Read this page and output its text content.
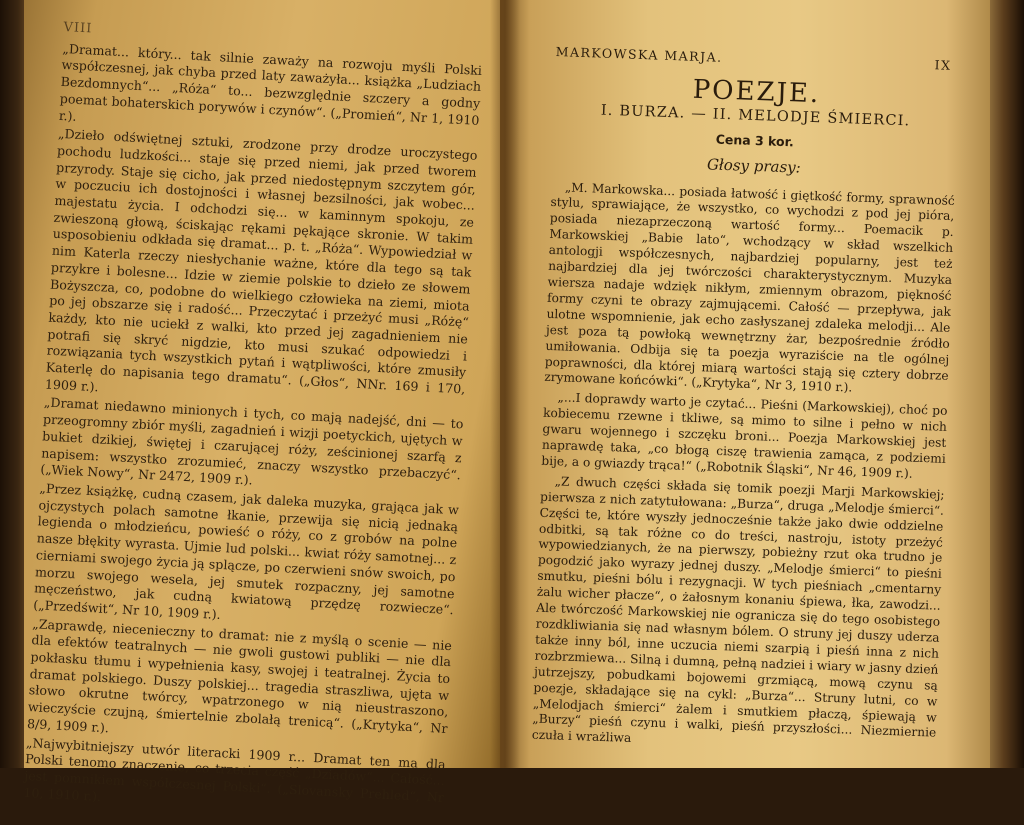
VIII

„Dramat... który... tak silnie zaważy na rozwoju myśli Polski współczesnej, jak chyba przed laty zaważyła... książka „Ludziach Bezdomnych“... „Róża“ to... bezwzględnie szczery a godny poemat bohaterskich porywów i czynów“. („Promień“, Nr 1, 1910 r.).

„Dzieło odświętnej sztuki, zrodzone przy drodze uroczystego pochodu ludzkości... staje się przed niemi, jak przed tworem przyrody. Staje się cicho, jak przed niedostępnym szczytem gór, w poczuciu ich dostojności i własnej bezsilności, jak wobec... majestatu życia. I odchodzi się... w kaminnym spokoju, ze zwieszoną głową, ściskając rękami pękające skronie. W takim usposobieniu odkłada się dramat... p. t. „Róża“. Wypowiedział w nim Katerla rzeczy niesłychanie ważne, które dla tego są tak przykre i bolesne... Idzie w ziemie polskie to dzieło ze słowem Bożyszcza, co, podobne do wielkiego człowieka na ziemi, miota po jej obszarze się i radość... Przeczytać i przeżyć musi „Różę“ każdy, kto nie uciekł z walki, kto przed jej zagadnieniem nie potrafi się skryć nigdzie, kto musi szukać odpowiedzi i rozwiązania tych wszystkich pytań i wątpliwości, które zmusiły Katerlę do napisania tego dramatu“. („Głos“, NNr. 169 i 170, 1909 r.).

„Dramat niedawno minionych i tych, co mają nadejść, dni — to przeogromny zbiór myśli, zagadnień i wizji poetyckich, ujętych w bukiet dzikiej, świętej i czarującej róży, ześcinionej szarfą z napisem: wszystko zrozumieć, znaczy wszystko przebaczyć“. („Wiek Nowy“, Nr 2472, 1909 r.).

„Przez książkę, cudną czasem, jak daleka muzyka, grająca jak w ojczystych polach samotne łkanie, przewija się nicią jednaką legienda o młodzieńcu, powieść o róży, co z grobów na polne nasze błękity wyrasta. Ujmie lud polski... kwiat róży samotnej... z cierniami swojego życia ją splącze, po czerwieni snów swoich, po morzu swojego wesela, jej smutek rozpaczny, jej samotne męczeństwo, jak cudną kwiatową przędzę rozwiecze“. („Przedświt“, Nr 10, 1909 r.).

„Zaprawdę, niecenieczny to dramat: nie z myślą o scenie — nie dla efektów teatralnych — nie gwoli gustowi publiki — nie dla pokłasku tłumu i wypełnienia kasy, swojej i teatralnej. Życia to dramat polskiego. Duszy polskiej... tragedia straszliwa, ujęta w słowo okrutne twórcy, wpatrzonego w nią nieustraszono, wieczyście czujną, śmiertelnie zbolałą trenicą“. („Krytyka“, Nr 8/9, 1909 r.).

„Najwybitniejszy utwór literacki 1909 r... Dramat ten ma dla Polski tenomo znaczenie, co trzecia część „Dziadów“... Całość... jest pomnikiem współczesnej Polski“. („Slovansky Prehled“, Nr 10, 1910 r.).

MARKOWSKA MARJA.
IX
POEZJE.
I. BURZA. — II. MELODJE ŚMIERCI.
Cena 3 kor.
Głosy prasy:

„M. Markowska... posiada łatwość i giętkość formy, sprawność stylu, sprawiające, że wszystko, co wychodzi z pod jej pióra, posiada niezaprzeczoną wartość formy... Poemacik p. Markowskiej „Babie lato“, wchodzący w skład wszelkich antologji współczesnych, najbardziej popularny, jest też najbardziej dla jej twórczości charakterystycznym. Muzyka wiersza nadaje wdzięk nikłym, zmiennym obrazom, piękność formy czyni te obrazy zajmującemi. Całość — przepływa, jak ulotne wspomnienie, jak echo zasłyszanej zdaleka melodji... Ale jest poza tą powłoką wewnętrzny żar, bezpośrednie źródło umiłowania. Odbija się ta poezja wyraziście na tle ogólnej poprawności, dla której miarą wartości stają się cztery dobrze zrymowane końcówki“. („Krytyka“, Nr 3, 1910 r.).

„...I doprawdy warto je czytać... Pieśni (Markowskiej), choć po kobiecemu rzewne i tkliwe, są mimo to silne i pełno w nich gwaru wojennego i szczęku broni... Poezja Markowskiej jest naprawdę taka, „co błogą ciszę trawienia zamąca, z podziemi bije, a o gwiazdy trąca!“ („Robotnik Śląski“, Nr 46, 1909 r.).

„Z dwuch części składa się tomik poezji Marji Markowskiej; pierwsza z nich zatytułowana: „Burza“, druga „Melodje śmierci“. Części te, które wyszły jednocześnie także jako dwie oddzielne odbitki, są tak różne co do treści, nastroju, istoty przeżyć wypowiedzianych, że na pierwszy, pobieżny rzut oka trudno je pogodzić jako wyrazy jednej duszy. „Melodje śmierci“ to pieśni smutku, pieśni bólu i rezygnacji. W tych pieśniach „cmentarny żalu wicher płacze“, o żałosnym konaniu śpiewa, łka, zawodzi... Ale twórczość Markowskiej nie ogranicza się do tego osobistego rozdkliwiania się nad własnym bólem. O struny jej duszy uderza także inny ból, inne uczucia niemi szarpią i pieśń inna z nich rozbrzmiewa... Silną i dumną, pełną nadziei i wiary w jasny dzień jutrzejszy, pobudkami bojowemi grzmiącą, mową czynu są poezje, składające się na cykl: „Burza“... Struny lutni, co w „Melodjach śmierci“ żalem i smutkiem płaczą, śpiewają w „Burzy“ pieśń czynu i walki, pieśń przyszłości... Niezmiernie czuła i wrażliwa
